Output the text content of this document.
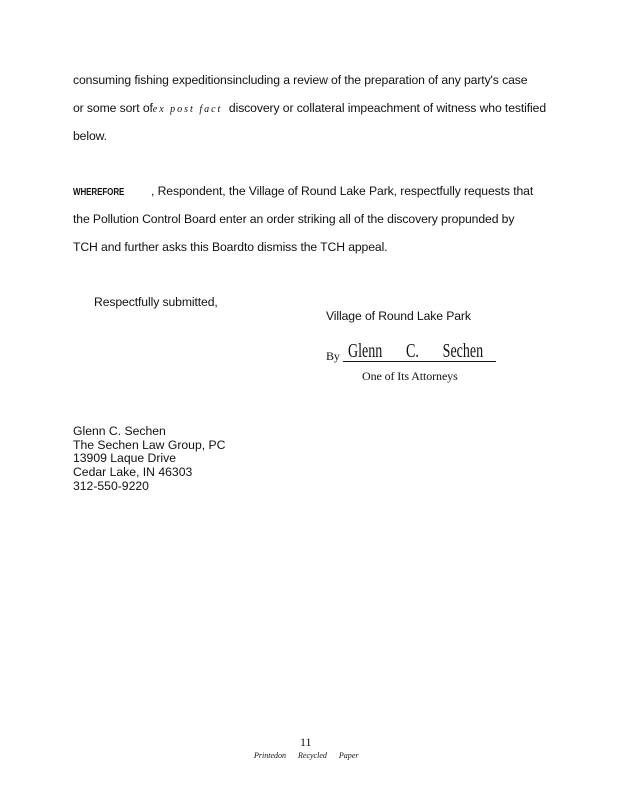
consuming fishing expeditionsincluding a review of the preparation of any party's case
or some sort ofex post fact discovery or collateral impeachment of witness who testified
below.
WHEREFORE , Respondent, the Village of Round Lake Park, respectfully requests that
the Pollution Control Board enter an order striking all of the discovery propunded by
TCH and further asks this Boardto dismiss the TCH appeal.
Respectfully submitted,
Village of Round Lake Park
By Glenn C. Sechen
One of Its Attorneys
Glenn C. Sechen
The Sechen Law Group, PC
13909 Laque Drive
Cedar Lake, IN 46303
312-550-9220
11
Printedon Recycled Paper
